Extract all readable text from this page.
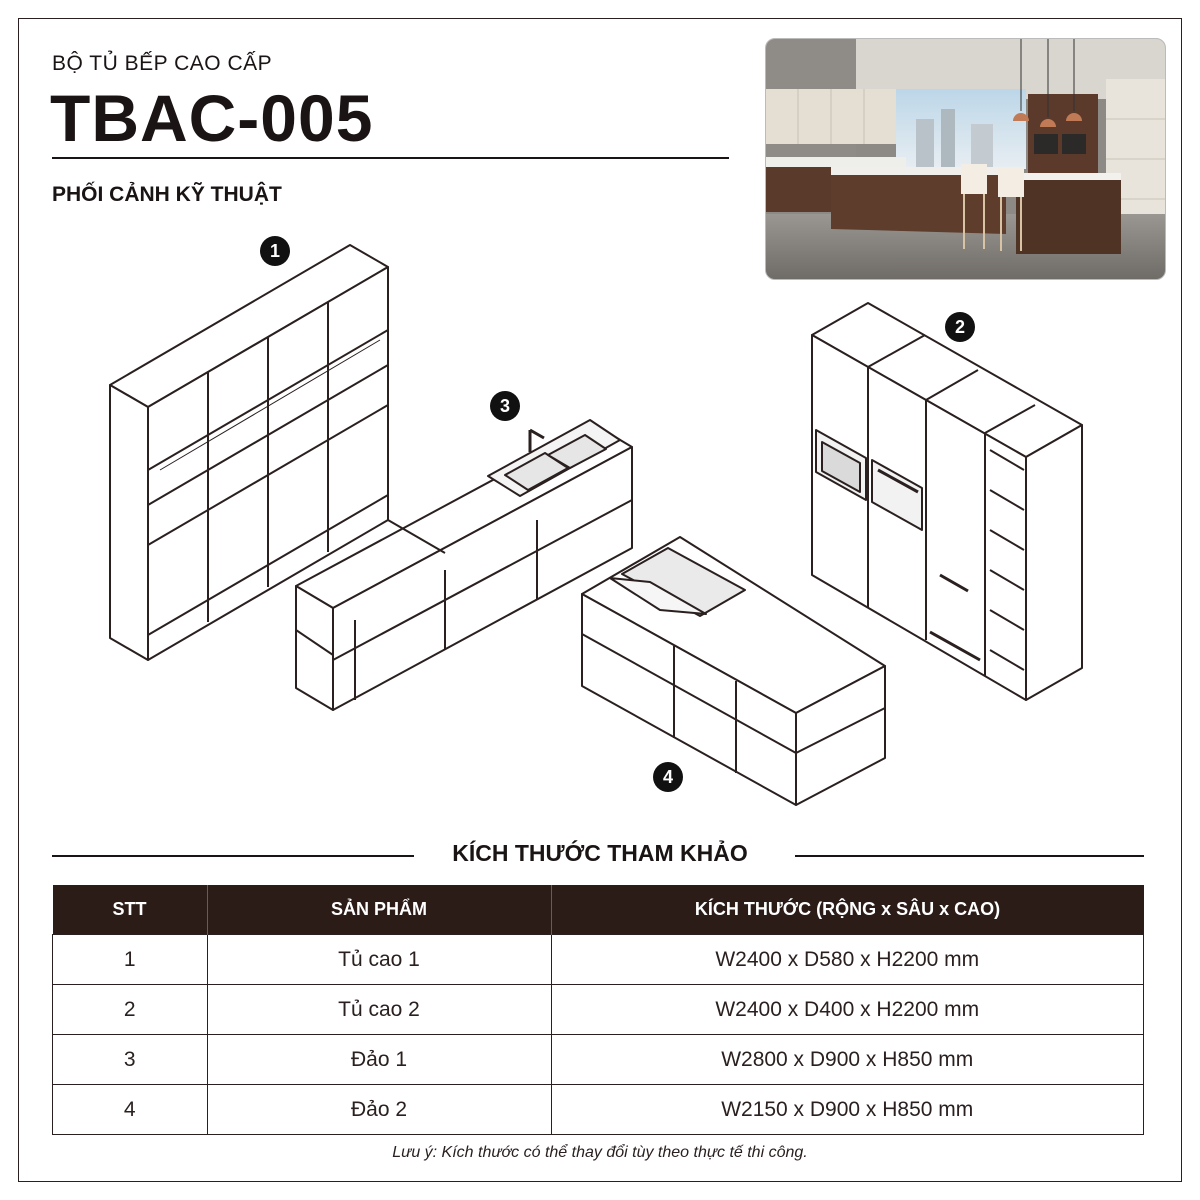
BỘ TỦ BẾP CAO CẤP
TBAC-005
PHỐI CẢNH KỸ THUẬT
1
2
3
4
KÍCH THƯỚC THAM KHẢO
STT	SẢN PHẨM	KÍCH THƯỚC (RỘNG x SÂU x CAO)
1	Tủ cao 1	W2400 x D580 x H2200 mm
2	Tủ cao 2	W2400 x D400 x H2200 mm
3	Đảo 1	W2800 x D900 x H850 mm
4	Đảo 2	W2150 x D900 x H850 mm
Lưu ý: Kích thước có thể thay đổi tùy theo thực tế thi công.
